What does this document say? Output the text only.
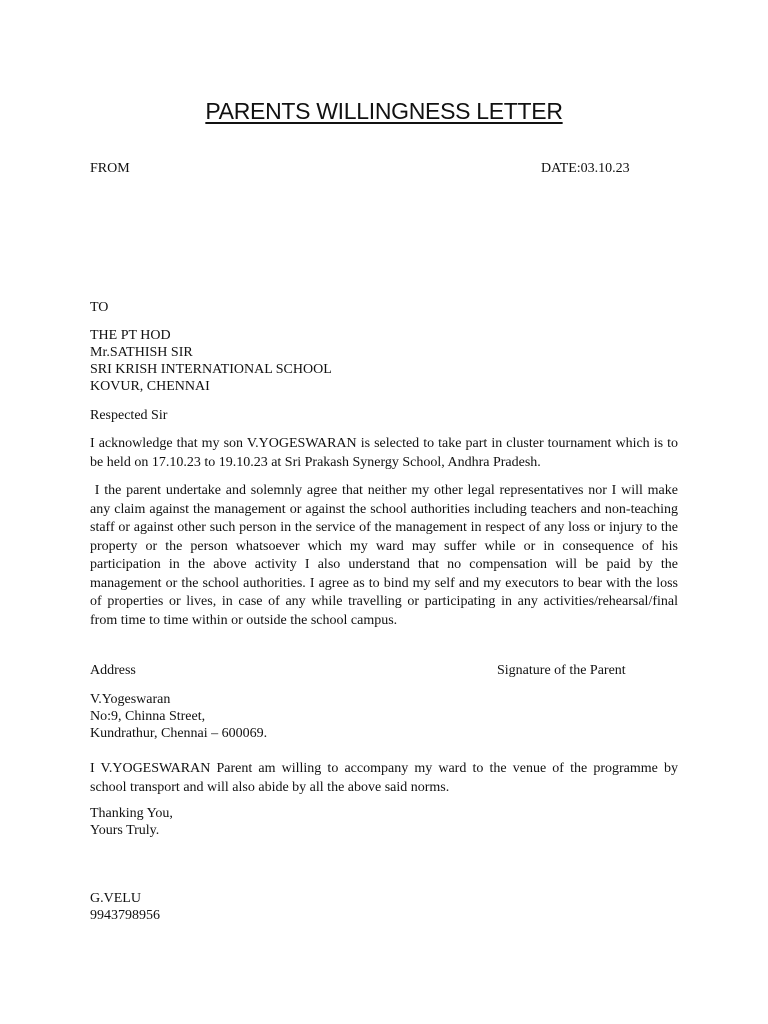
PARENTS WILLINGNESS LETTER
FROM	DATE:03.10.23
TO
THE PT HOD
Mr.SATHISH SIR
SRI KRISH INTERNATIONAL SCHOOL
KOVUR, CHENNAI
Respected Sir
I acknowledge that my son V.YOGESWARAN is selected to take part in cluster tournament which is to be held on 17.10.23 to 19.10.23 at Sri Prakash Synergy School, Andhra Pradesh.
I the parent undertake and solemnly agree that neither my other legal representatives nor I will make any claim against the management or against the school authorities including teachers and non-teaching staff or against other such person in the service of the management in respect of any loss or injury to the property or the person whatsoever which my ward may suffer while or in consequence of his participation in the above activity I also understand that no compensation will be paid by the management or the school authorities. I agree as to bind my self and my executors to bear with the loss of properties or lives, in case of any while travelling or participating in any activities/rehearsal/final from time to time within or outside the school campus.
Address	Signature of the Parent
V.Yogeswaran
No:9, Chinna Street,
Kundrathur, Chennai – 600069.
I V.YOGESWARAN Parent am willing to accompany my ward to the venue of the programme by school transport and will also abide by all the above said norms.
Thanking You,
Yours Truly.
G.VELU
9943798956
